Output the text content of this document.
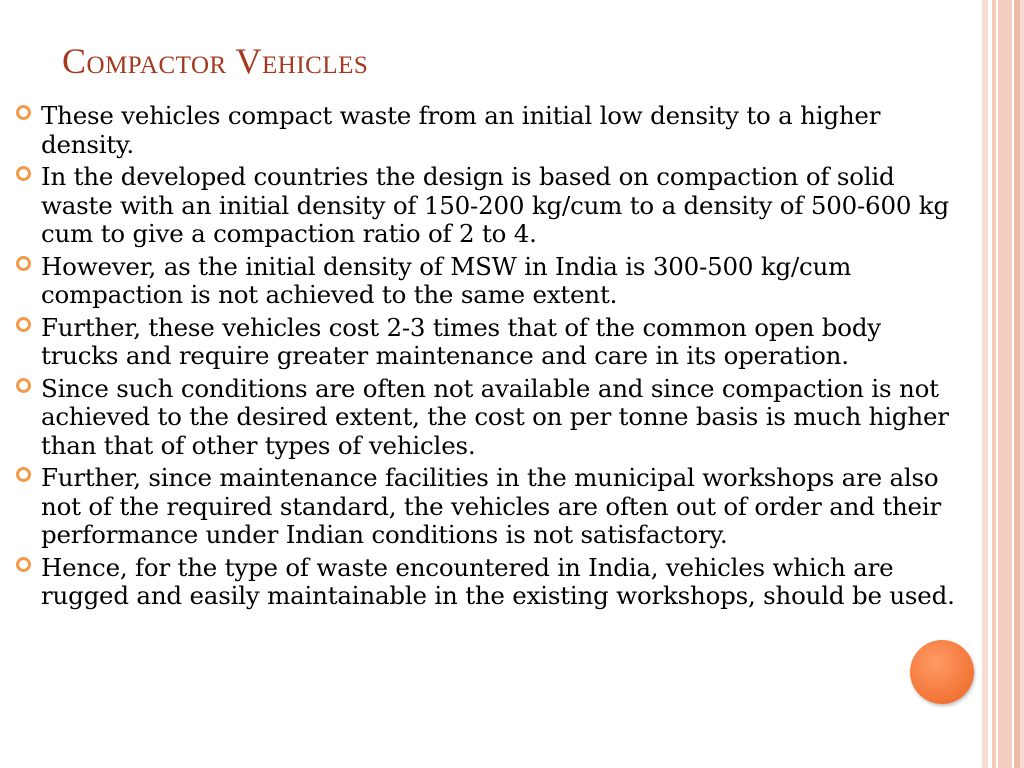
Compactor Vehicles
These vehicles compact waste from an initial low density to a higher density.
In the developed countries the design is based on compaction of solid waste with an initial density of 150-200 kg/cum to a density of 500-600 kg cum to give a compaction ratio of 2 to 4.
However, as the initial density of MSW in India is 300-500 kg/cum compaction is not achieved to the same extent.
Further, these vehicles cost 2-3 times that of the common open body trucks and require greater maintenance and care in its operation.
Since such conditions are often not available and since compaction is not achieved to the desired extent, the cost on per tonne basis is much higher than that of other types of vehicles.
Further, since maintenance facilities in the municipal workshops are also not of the required standard, the vehicles are often out of order and their performance under Indian conditions is not satisfactory.
Hence, for the type of waste encountered in India, vehicles which are rugged and easily maintainable in the existing workshops, should be used.
